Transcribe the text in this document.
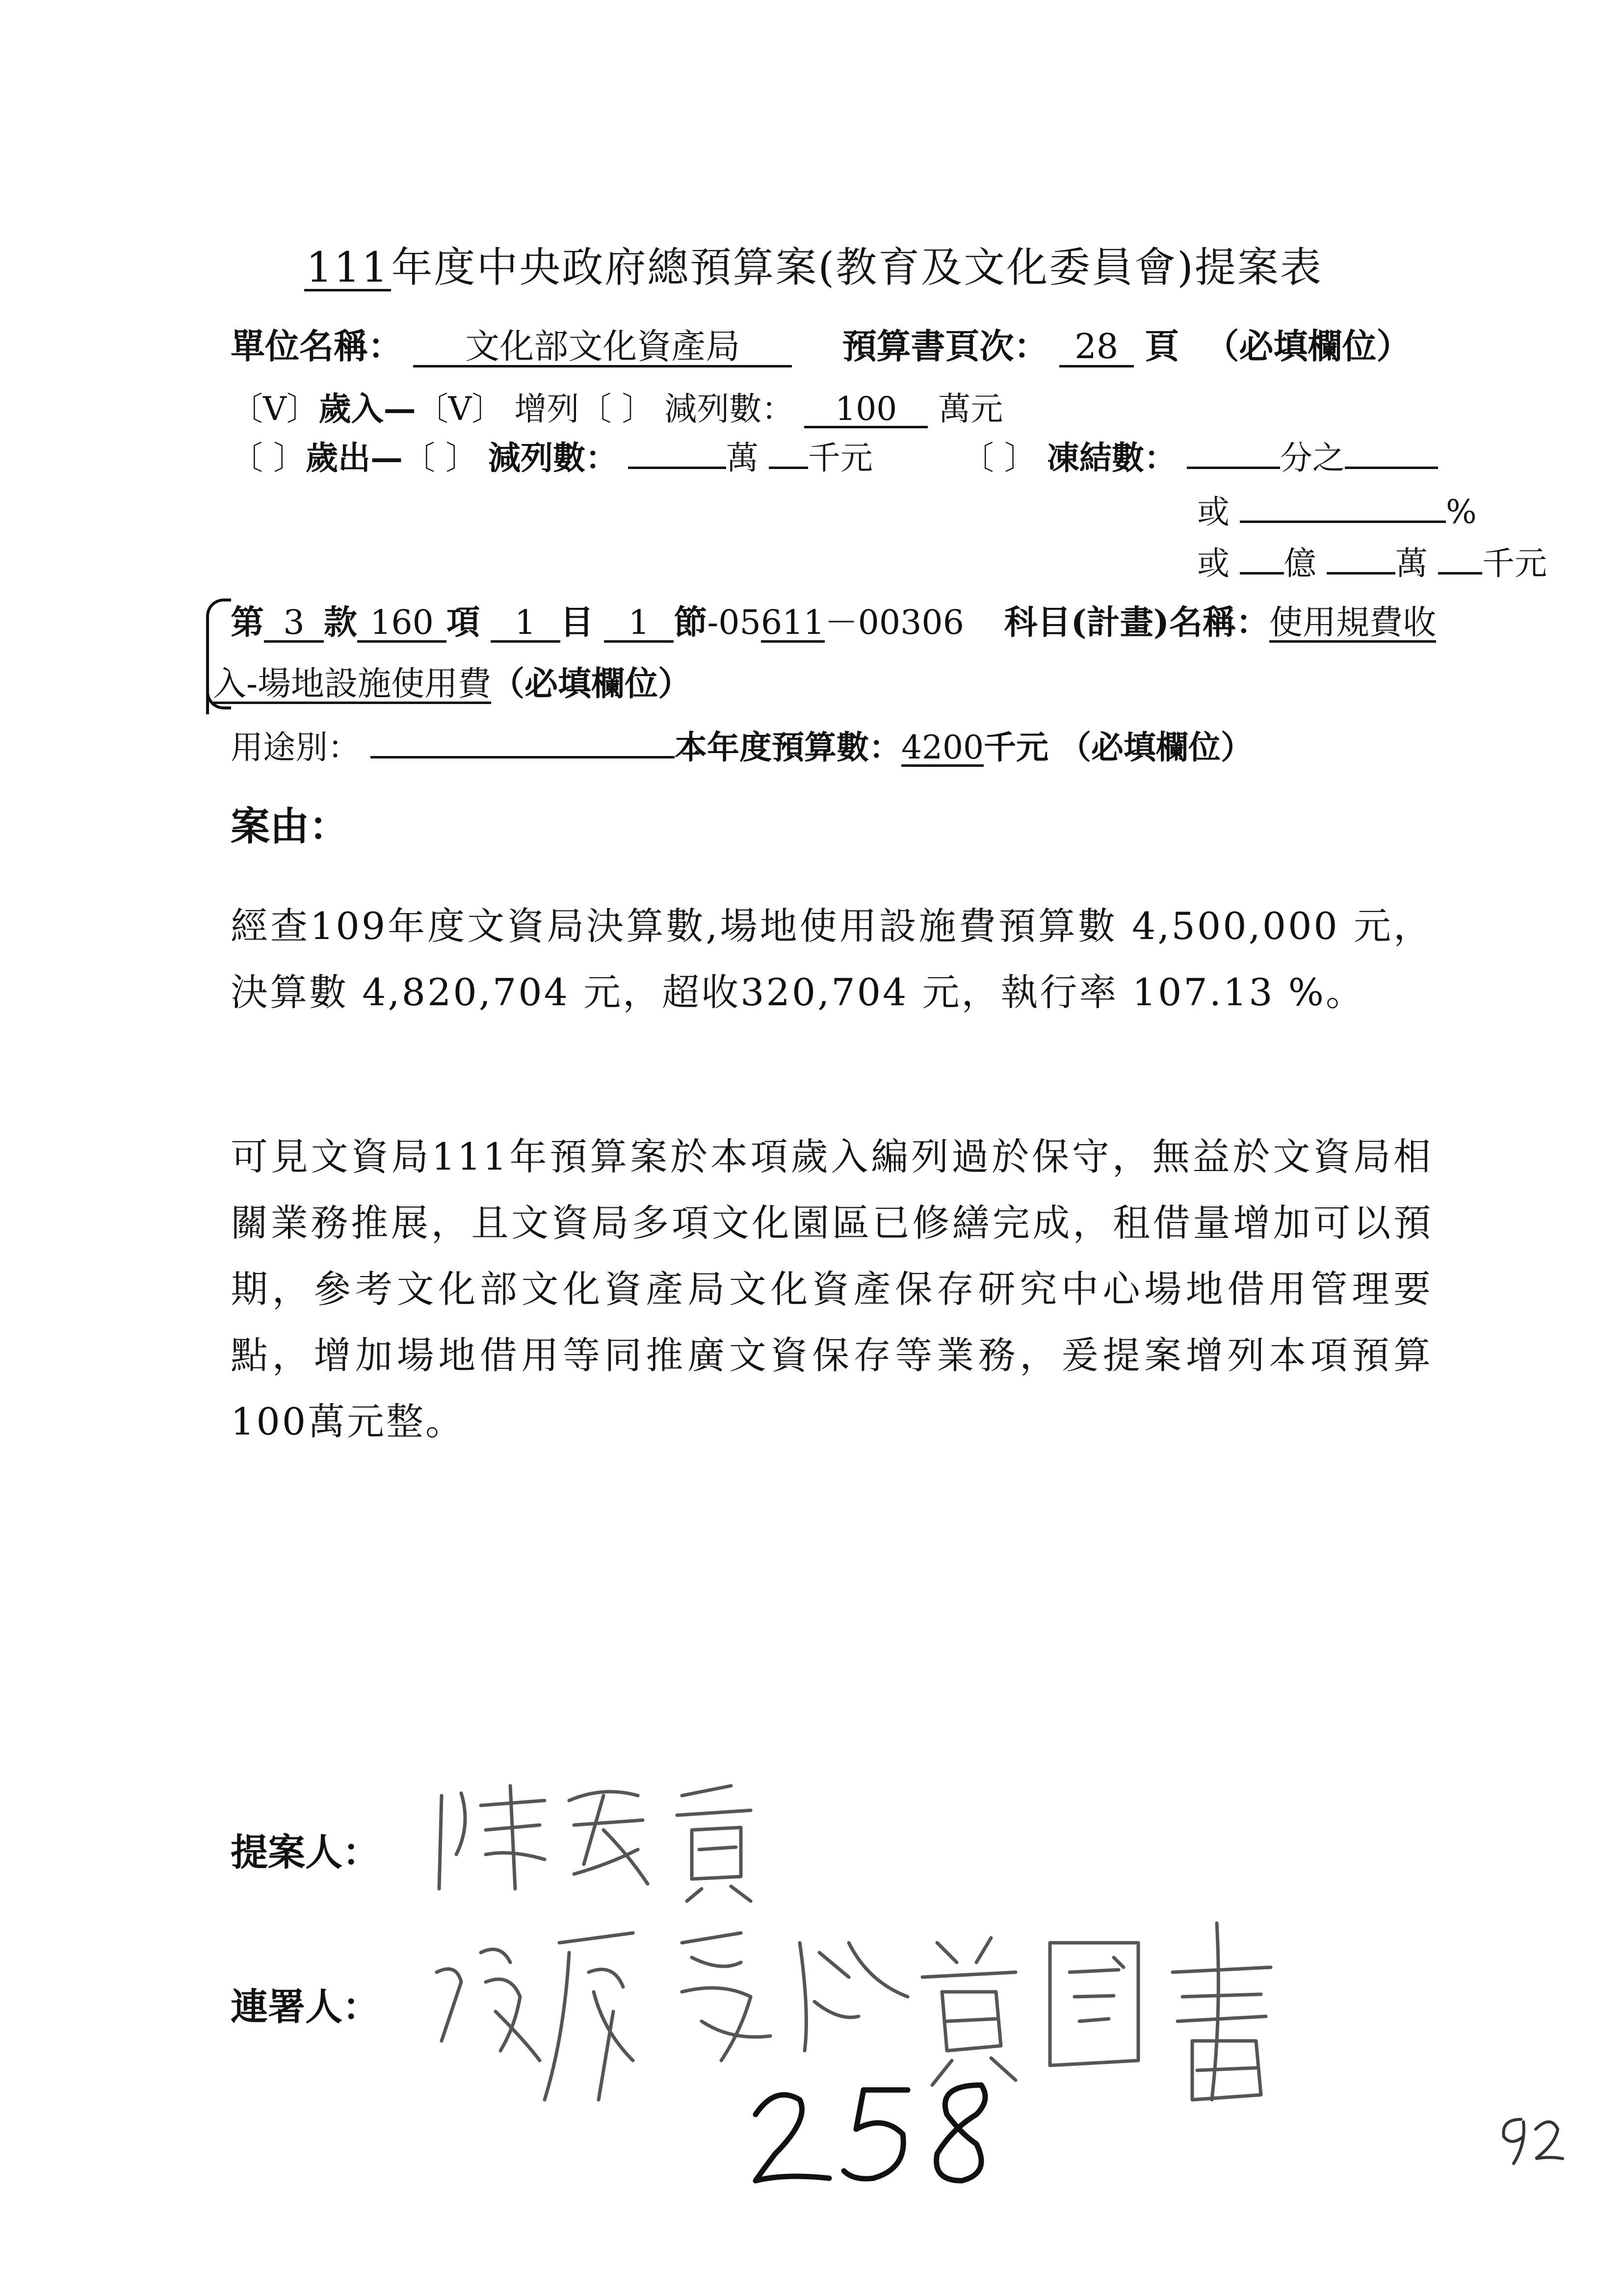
111年度中央政府總預算案(教育及文化委員會)提案表
單位名稱： 文化部文化資產局	預算書頁次： 28 頁 （必填欄位）
〔V〕歲入—〔V〕 增列〔 〕 減列數： 100 萬元
〔 〕歲出—〔 〕 減列數：	萬 千元	〔 〕 凍結數：	分之
或	%
或 億 萬 千元
第 3 款 160 項 1 目 1 節-05611－00306 科目(計畫)名稱：使用規費收
入-場地設施使用費（必填欄位）
用途別：	本年度預算數：4200千元 （必填欄位）
案由：
經查109年度文資局決算數,場地使用設施費預算數 4,500,000 元，決算數 4,820,704 元，超收320,704 元，執行率 107.13 %。
可見文資局111年預算案於本項歲入編列過於保守，無益於文資局相關業務推展，且文資局多項文化園區已修繕完成，租借量增加可以預期，參考文化部文化資產局文化資產保存研究中心場地借用管理要點，增加場地借用等同推廣文資保存等業務，爰提案增列本項預算100萬元整。
提案人：
連署人：
